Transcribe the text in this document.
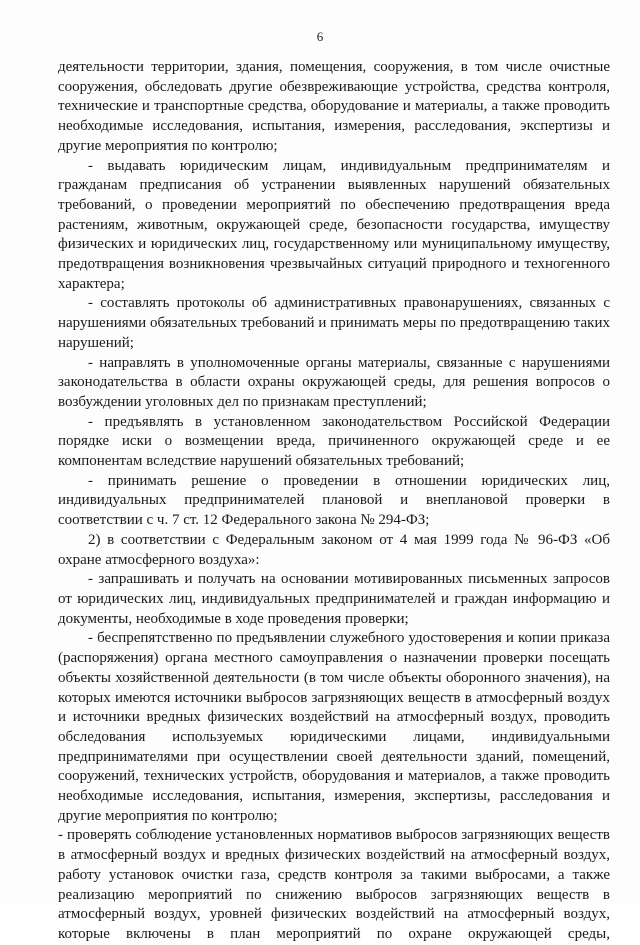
6

деятельности территории, здания, помещения, сооружения, в том числе очистные сооружения, обследовать другие обезвреживающие устройства, средства контроля, технические и транспортные средства, оборудование и материалы, а также проводить необходимые исследования, испытания, измерения, расследования, экспертизы и другие мероприятия по контролю;

- выдавать юридическим лицам, индивидуальным предпринимателям и гражданам предписания об устранении выявленных нарушений обязательных требований, о проведении мероприятий по обеспечению предотвращения вреда растениям, животным, окружающей среде, безопасности государства, имуществу физических и юридических лиц, государственному или муниципальному имуществу, предотвращения возникновения чрезвычайных ситуаций природного и техногенного характера;

- составлять протоколы об административных правонарушениях, связанных с нарушениями обязательных требований и принимать меры по предотвращению таких нарушений;

- направлять в уполномоченные органы материалы, связанные с нарушениями законодательства в области охраны окружающей среды, для решения вопросов о возбуждении уголовных дел по признакам преступлений;

- предъявлять в установленном законодательством Российской Федерации порядке иски о возмещении вреда, причиненного окружающей среде и ее компонентам вследствие нарушений обязательных требований;

- принимать решение о проведении в отношении юридических лиц, индивидуальных предпринимателей плановой и внеплановой проверки в соответствии с ч. 7 ст. 12 Федерального закона № 294-ФЗ;

2) в соответствии с Федеральным законом от 4 мая 1999 года № 96-ФЗ «Об охране атмосферного воздуха»:

- запрашивать и получать на основании мотивированных письменных запросов от юридических лиц, индивидуальных предпринимателей и граждан информацию и документы, необходимые в ходе проведения проверки;

- беспрепятственно по предъявлении служебного удостоверения и копии приказа (распоряжения) органа местного самоуправления о назначении проверки посещать объекты хозяйственной деятельности (в том числе объекты оборонного значения), на которых имеются источники выбросов загрязняющих веществ в атмосферный воздух и источники вредных физических воздействий на атмосферный воздух, проводить обследования используемых юридическими лицами, индивидуальными предпринимателями при осуществлении своей деятельности зданий, помещений, сооружений, технических устройств, оборудования и материалов, а также проводить необходимые исследования, испытания, измерения, экспертизы, расследования и другие мероприятия по контролю;

- проверять соблюдение установленных нормативов выбросов загрязняющих веществ в атмосферный воздух и вредных физических воздействий на атмосферный воздух, работу установок очистки газа, средств контроля за такими выбросами, а также реализацию мероприятий по снижению выбросов загрязняющих веществ в атмосферный воздух, уровней физических воздействий на атмосферный воздух, которые включены в план мероприятий по охране окружающей среды,
